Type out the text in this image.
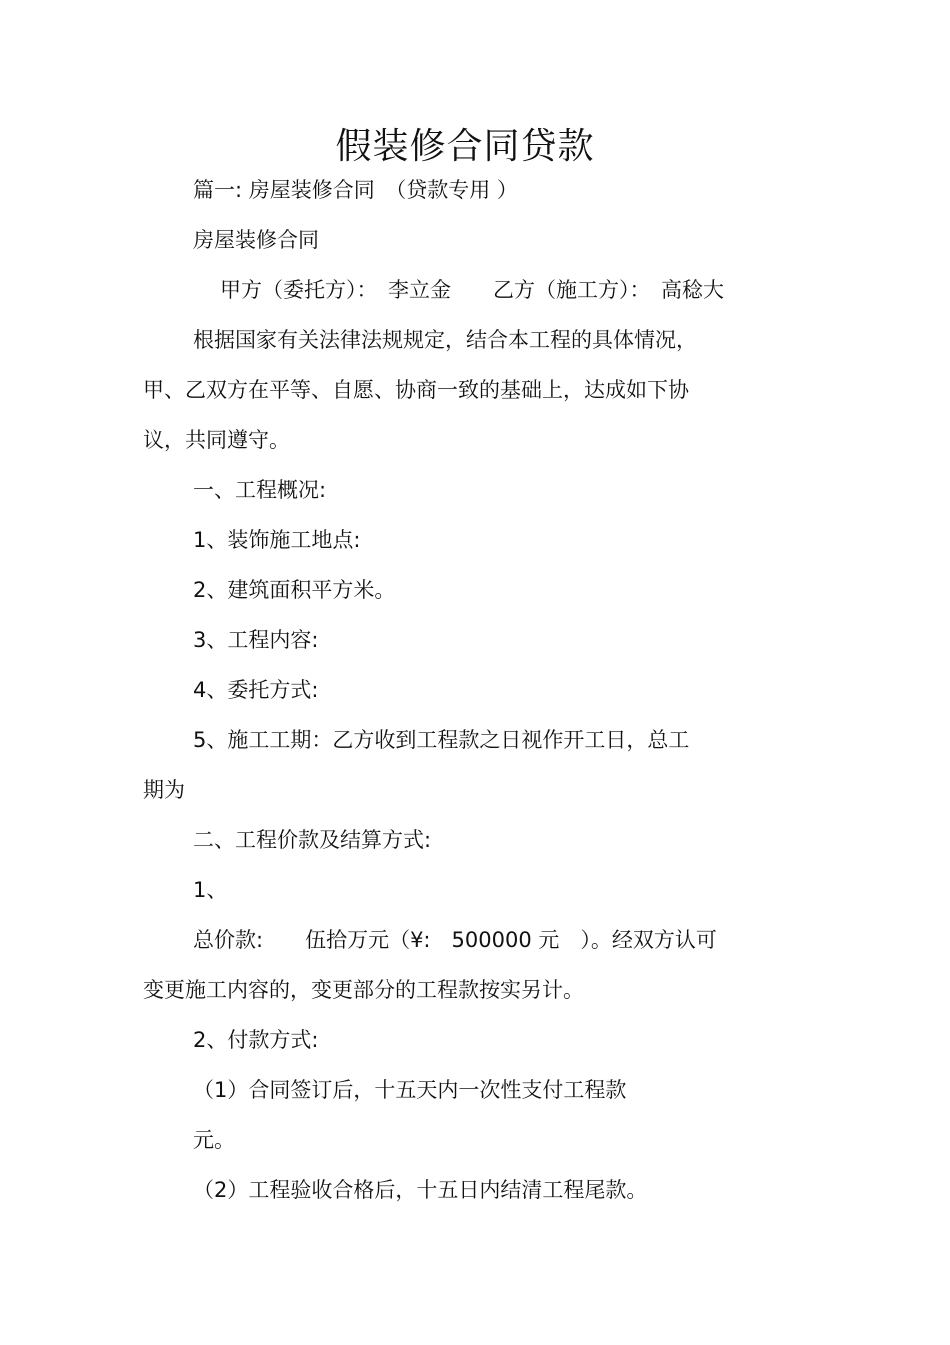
假装修合同贷款
篇一: 房屋装修合同　（贷款专用 ）
房屋装修合同
甲方（委托方）：　李立金　　乙方（施工方）：　高稔大
根据国家有关法律法规规定，结合本工程的具体情况，
甲、乙双方在平等、自愿、协商一致的基础上，达成如下协
议，共同遵守。
一、工程概况:
1、装饰施工地点:
2、建筑面积平方米。
3、工程内容:
4、委托方式:
5、施工工期：乙方收到工程款之日视作开工日，总工
期为
二、工程价款及结算方式:
1、
总价款:　　伍拾万元（¥:　500000 元　）。经双方认可
变更施工内容的，变更部分的工程款按实另计。
2、付款方式:
（1）合同签订后，十五天内一次性支付工程款
元。
（2）工程验收合格后，十五日内结清工程尾款。
